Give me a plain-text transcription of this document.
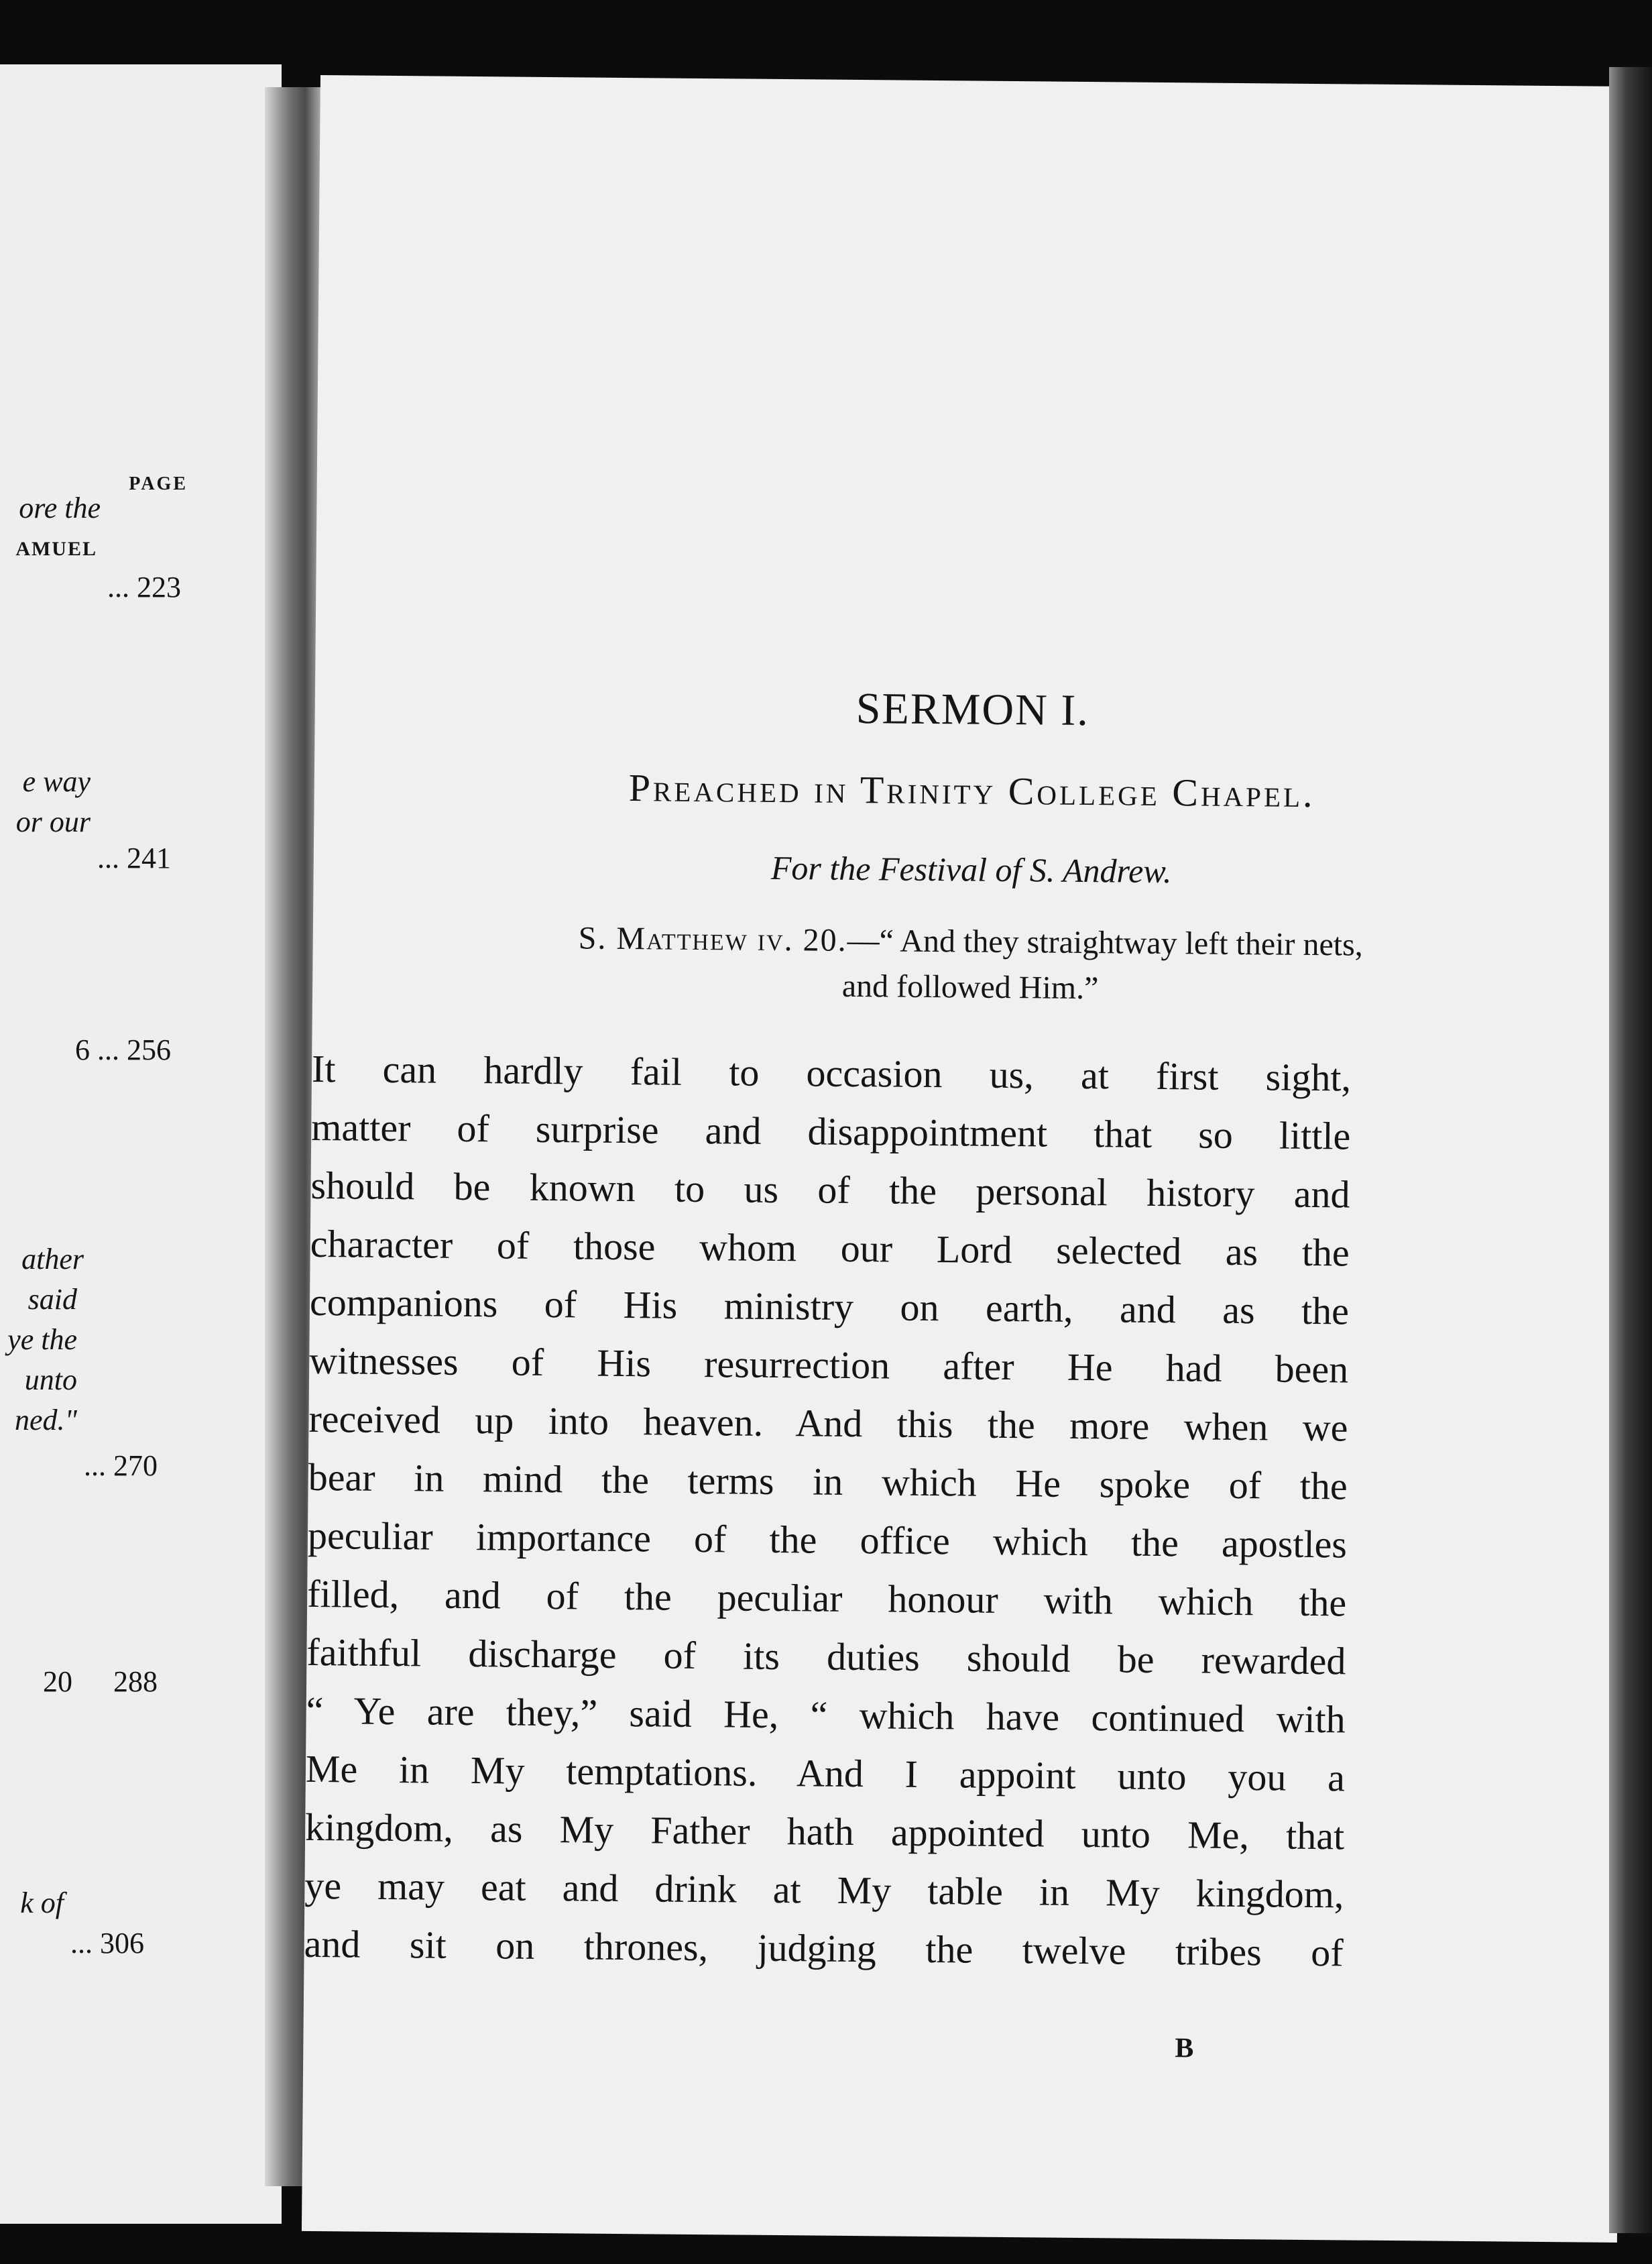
PAGE
ore the
AMUEL
... 223
e way
or our
... 241
6 ... 256
ather
said
ye the
unto
ned."
... 270
20 288
k of
... 306
SERMON I.
Preached in Trinity College Chapel.
For the Festival of S. Andrew.
S. Matthew iv. 20.—“ And they straightway left their nets,
and followed Him.”
It can hardly fail to occasion us, at first sight,
matter of surprise and disappointment that so little
should be known to us of the personal history and
character of those whom our Lord selected as the
companions of His ministry on earth, and as the
witnesses of His resurrection after He had been
received up into heaven. And this the more when we
bear in mind the terms in which He spoke of the
peculiar importance of the office which the apostles
filled, and of the peculiar honour with which the
faithful discharge of its duties should be rewarded
“ Ye are they,” said He, “ which have continued with
Me in My temptations. And I appoint unto you a
kingdom, as My Father hath appointed unto Me, that
ye may eat and drink at My table in My kingdom,
and sit on thrones, judging the twelve tribes of
B
